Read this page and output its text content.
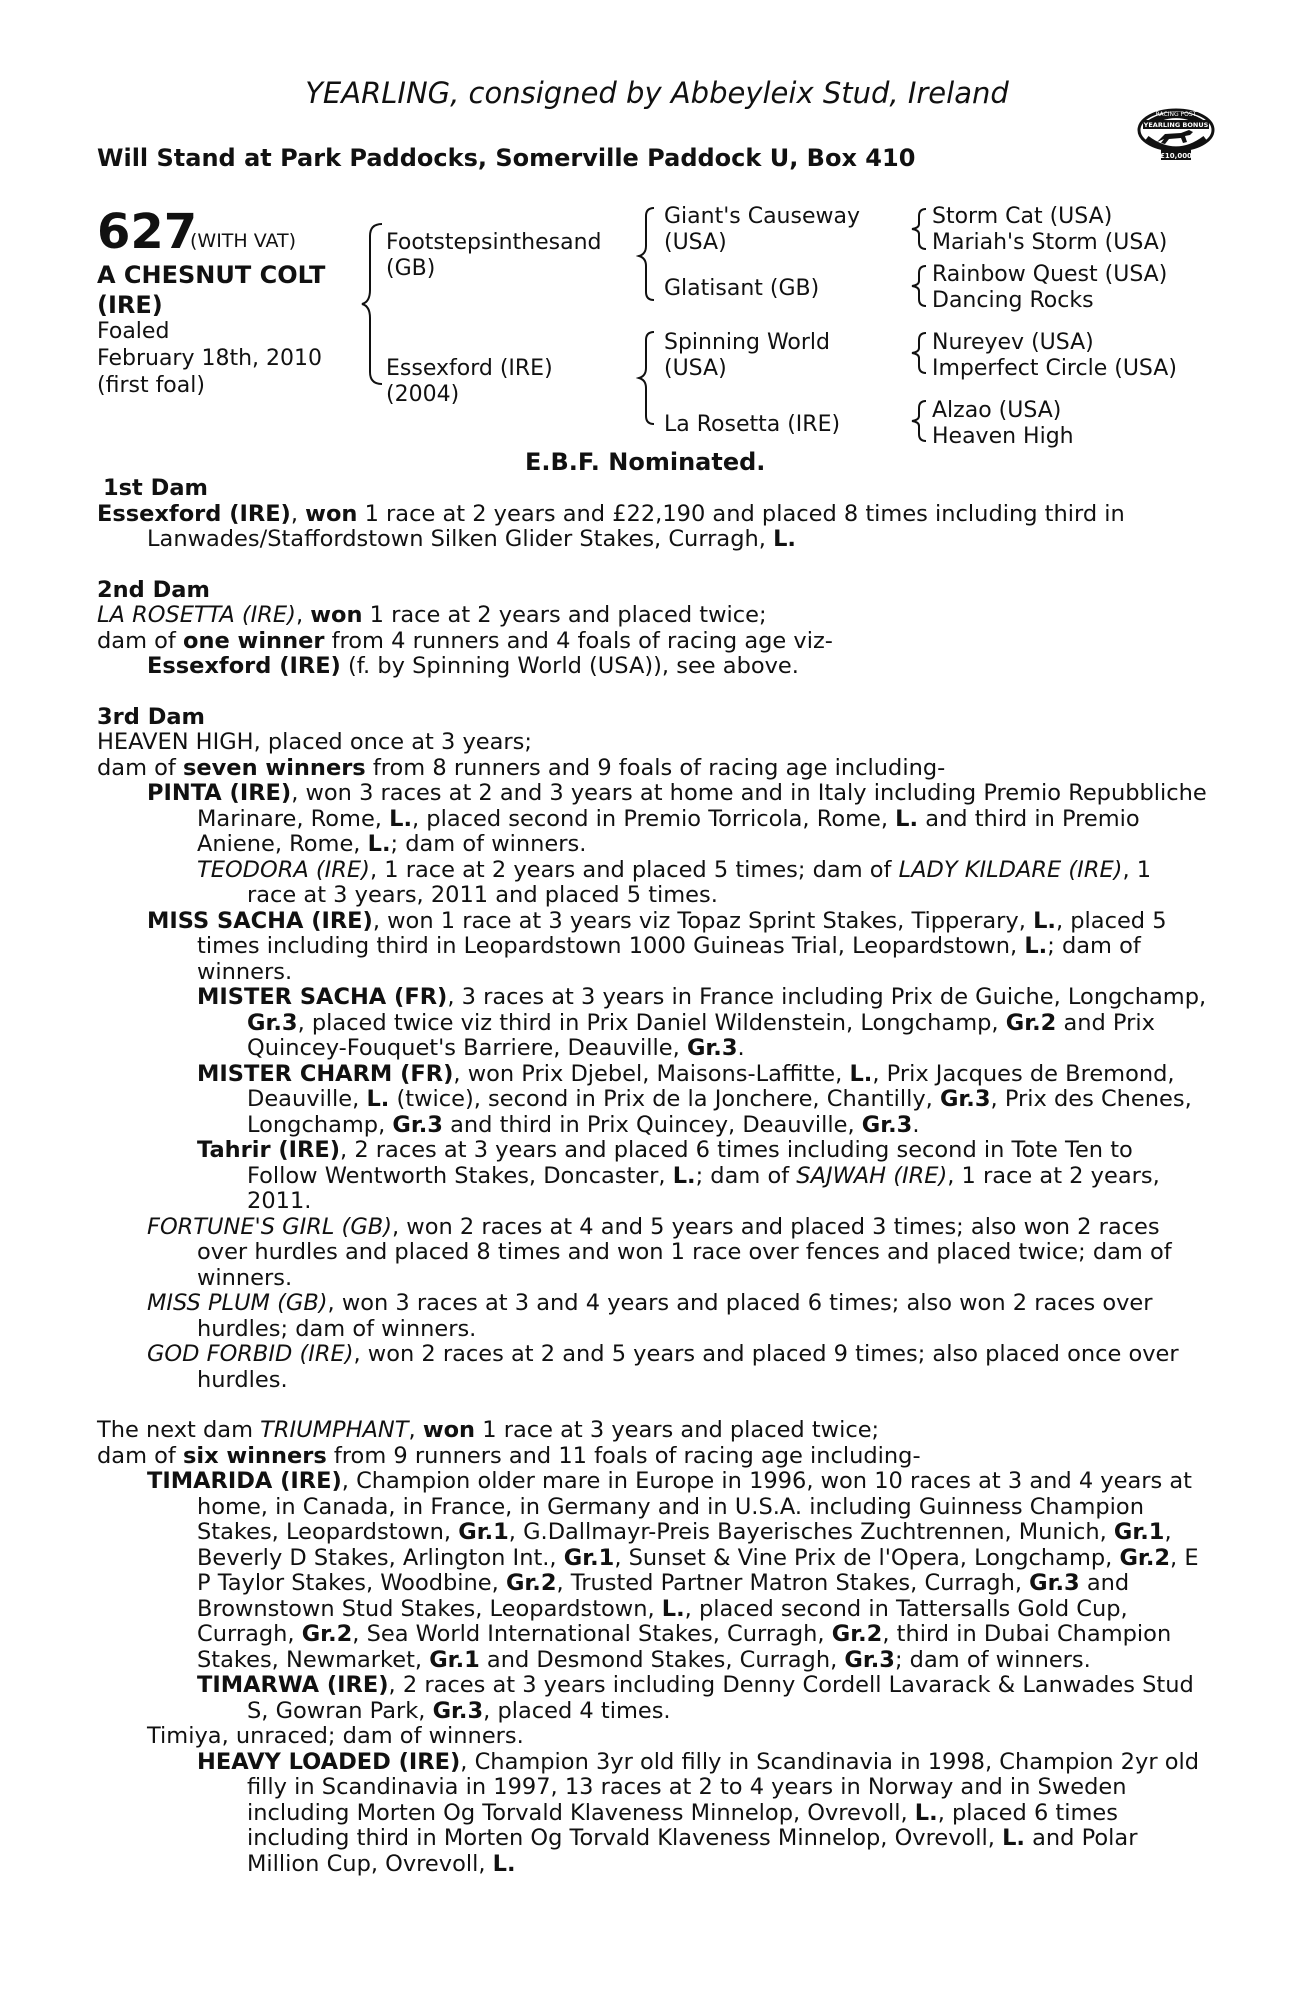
YEARLING, consigned by Abbeyleix Stud, Ireland
Will Stand at Park Paddocks, Somerville Paddock U, Box 410
RACING POST
YEARLING BONUS
£10,000
627
(WITH VAT)
A CHESNUT COLT
(IRE)
Foaled
February 18th, 2010
(first foal)
Footstepsinthesand
(GB)
Essexford (IRE)
(2004)
Giant's Causeway
(USA)
Glatisant (GB)
Spinning World
(USA)
La Rosetta (IRE)
Storm Cat (USA)
Mariah's Storm (USA)
Rainbow Quest (USA)
Dancing Rocks
Nureyev (USA)
Imperfect Circle (USA)
Alzao (USA)
Heaven High
E.B.F. Nominated.

1st Dam

Essexford (IRE), won 1 race at 2 years and £22,190 and placed 8 times including third in Lanwades/Staffordstown Silken Glider Stakes, Curragh, L.

2nd Dam

LA ROSETTA (IRE), won 1 race at 2 years and placed twice;

dam of one winner from 4 runners and 4 foals of racing age viz-

Essexford (IRE) (f. by Spinning World (USA)), see above.

3rd Dam

HEAVEN HIGH, placed once at 3 years;

dam of seven winners from 8 runners and 9 foals of racing age including-

PINTA (IRE), won 3 races at 2 and 3 years at home and in Italy including Premio Repubbliche Marinare, Rome, L., placed second in Premio Torricola, Rome, L. and third in Premio Aniene, Rome, L.; dam of winners.

TEODORA (IRE), 1 race at 2 years and placed 5 times; dam of LADY KILDARE (IRE), 1 race at 3 years, 2011 and placed 5 times.

MISS SACHA (IRE), won 1 race at 3 years viz Topaz Sprint Stakes, Tipperary, L., placed 5 times including third in Leopardstown 1000 Guineas Trial, Leopardstown, L.; dam of winners.

MISTER SACHA (FR), 3 races at 3 years in France including Prix de Guiche, Longchamp, Gr.3, placed twice viz third in Prix Daniel Wildenstein, Longchamp, Gr.2 and Prix Quincey-Fouquet's Barriere, Deauville, Gr.3.

MISTER CHARM (FR), won Prix Djebel, Maisons-Laffitte, L., Prix Jacques de Bremond, Deauville, L. (twice), second in Prix de la Jonchere, Chantilly, Gr.3, Prix des Chenes, Longchamp, Gr.3 and third in Prix Quincey, Deauville, Gr.3.

Tahrir (IRE), 2 races at 3 years and placed 6 times including second in Tote Ten to Follow Wentworth Stakes, Doncaster, L.; dam of SAJWAH (IRE), 1 race at 2 years, 2011.

FORTUNE'S GIRL (GB), won 2 races at 4 and 5 years and placed 3 times; also won 2 races over hurdles and placed 8 times and won 1 race over fences and placed twice; dam of winners.

MISS PLUM (GB), won 3 races at 3 and 4 years and placed 6 times; also won 2 races over hurdles; dam of winners.

GOD FORBID (IRE), won 2 races at 2 and 5 years and placed 9 times; also placed once over hurdles.

The next dam TRIUMPHANT, won 1 race at 3 years and placed twice;

dam of six winners from 9 runners and 11 foals of racing age including-

TIMARIDA (IRE), Champion older mare in Europe in 1996, won 10 races at 3 and 4 years at home, in Canada, in France, in Germany and in U.S.A. including Guinness Champion Stakes, Leopardstown, Gr.1, G.Dallmayr-Preis Bayerisches Zuchtrennen, Munich, Gr.1, Beverly D Stakes, Arlington Int., Gr.1, Sunset & Vine Prix de l'Opera, Longchamp, Gr.2, E P Taylor Stakes, Woodbine, Gr.2, Trusted Partner Matron Stakes, Curragh, Gr.3 and Brownstown Stud Stakes, Leopardstown, L., placed second in Tattersalls Gold Cup, Curragh, Gr.2, Sea World International Stakes, Curragh, Gr.2, third in Dubai Champion Stakes, Newmarket, Gr.1 and Desmond Stakes, Curragh, Gr.3; dam of winners.

TIMARWA (IRE), 2 races at 3 years including Denny Cordell Lavarack & Lanwades Stud S, Gowran Park, Gr.3, placed 4 times.

Timiya, unraced; dam of winners.

HEAVY LOADED (IRE), Champion 3yr old filly in Scandinavia in 1998, Champion 2yr old filly in Scandinavia in 1997, 13 races at 2 to 4 years in Norway and in Sweden including Morten Og Torvald Klaveness Minnelop, Ovrevoll, L., placed 6 times including third in Morten Og Torvald Klaveness Minnelop, Ovrevoll, L. and Polar Million Cup, Ovrevoll, L.
